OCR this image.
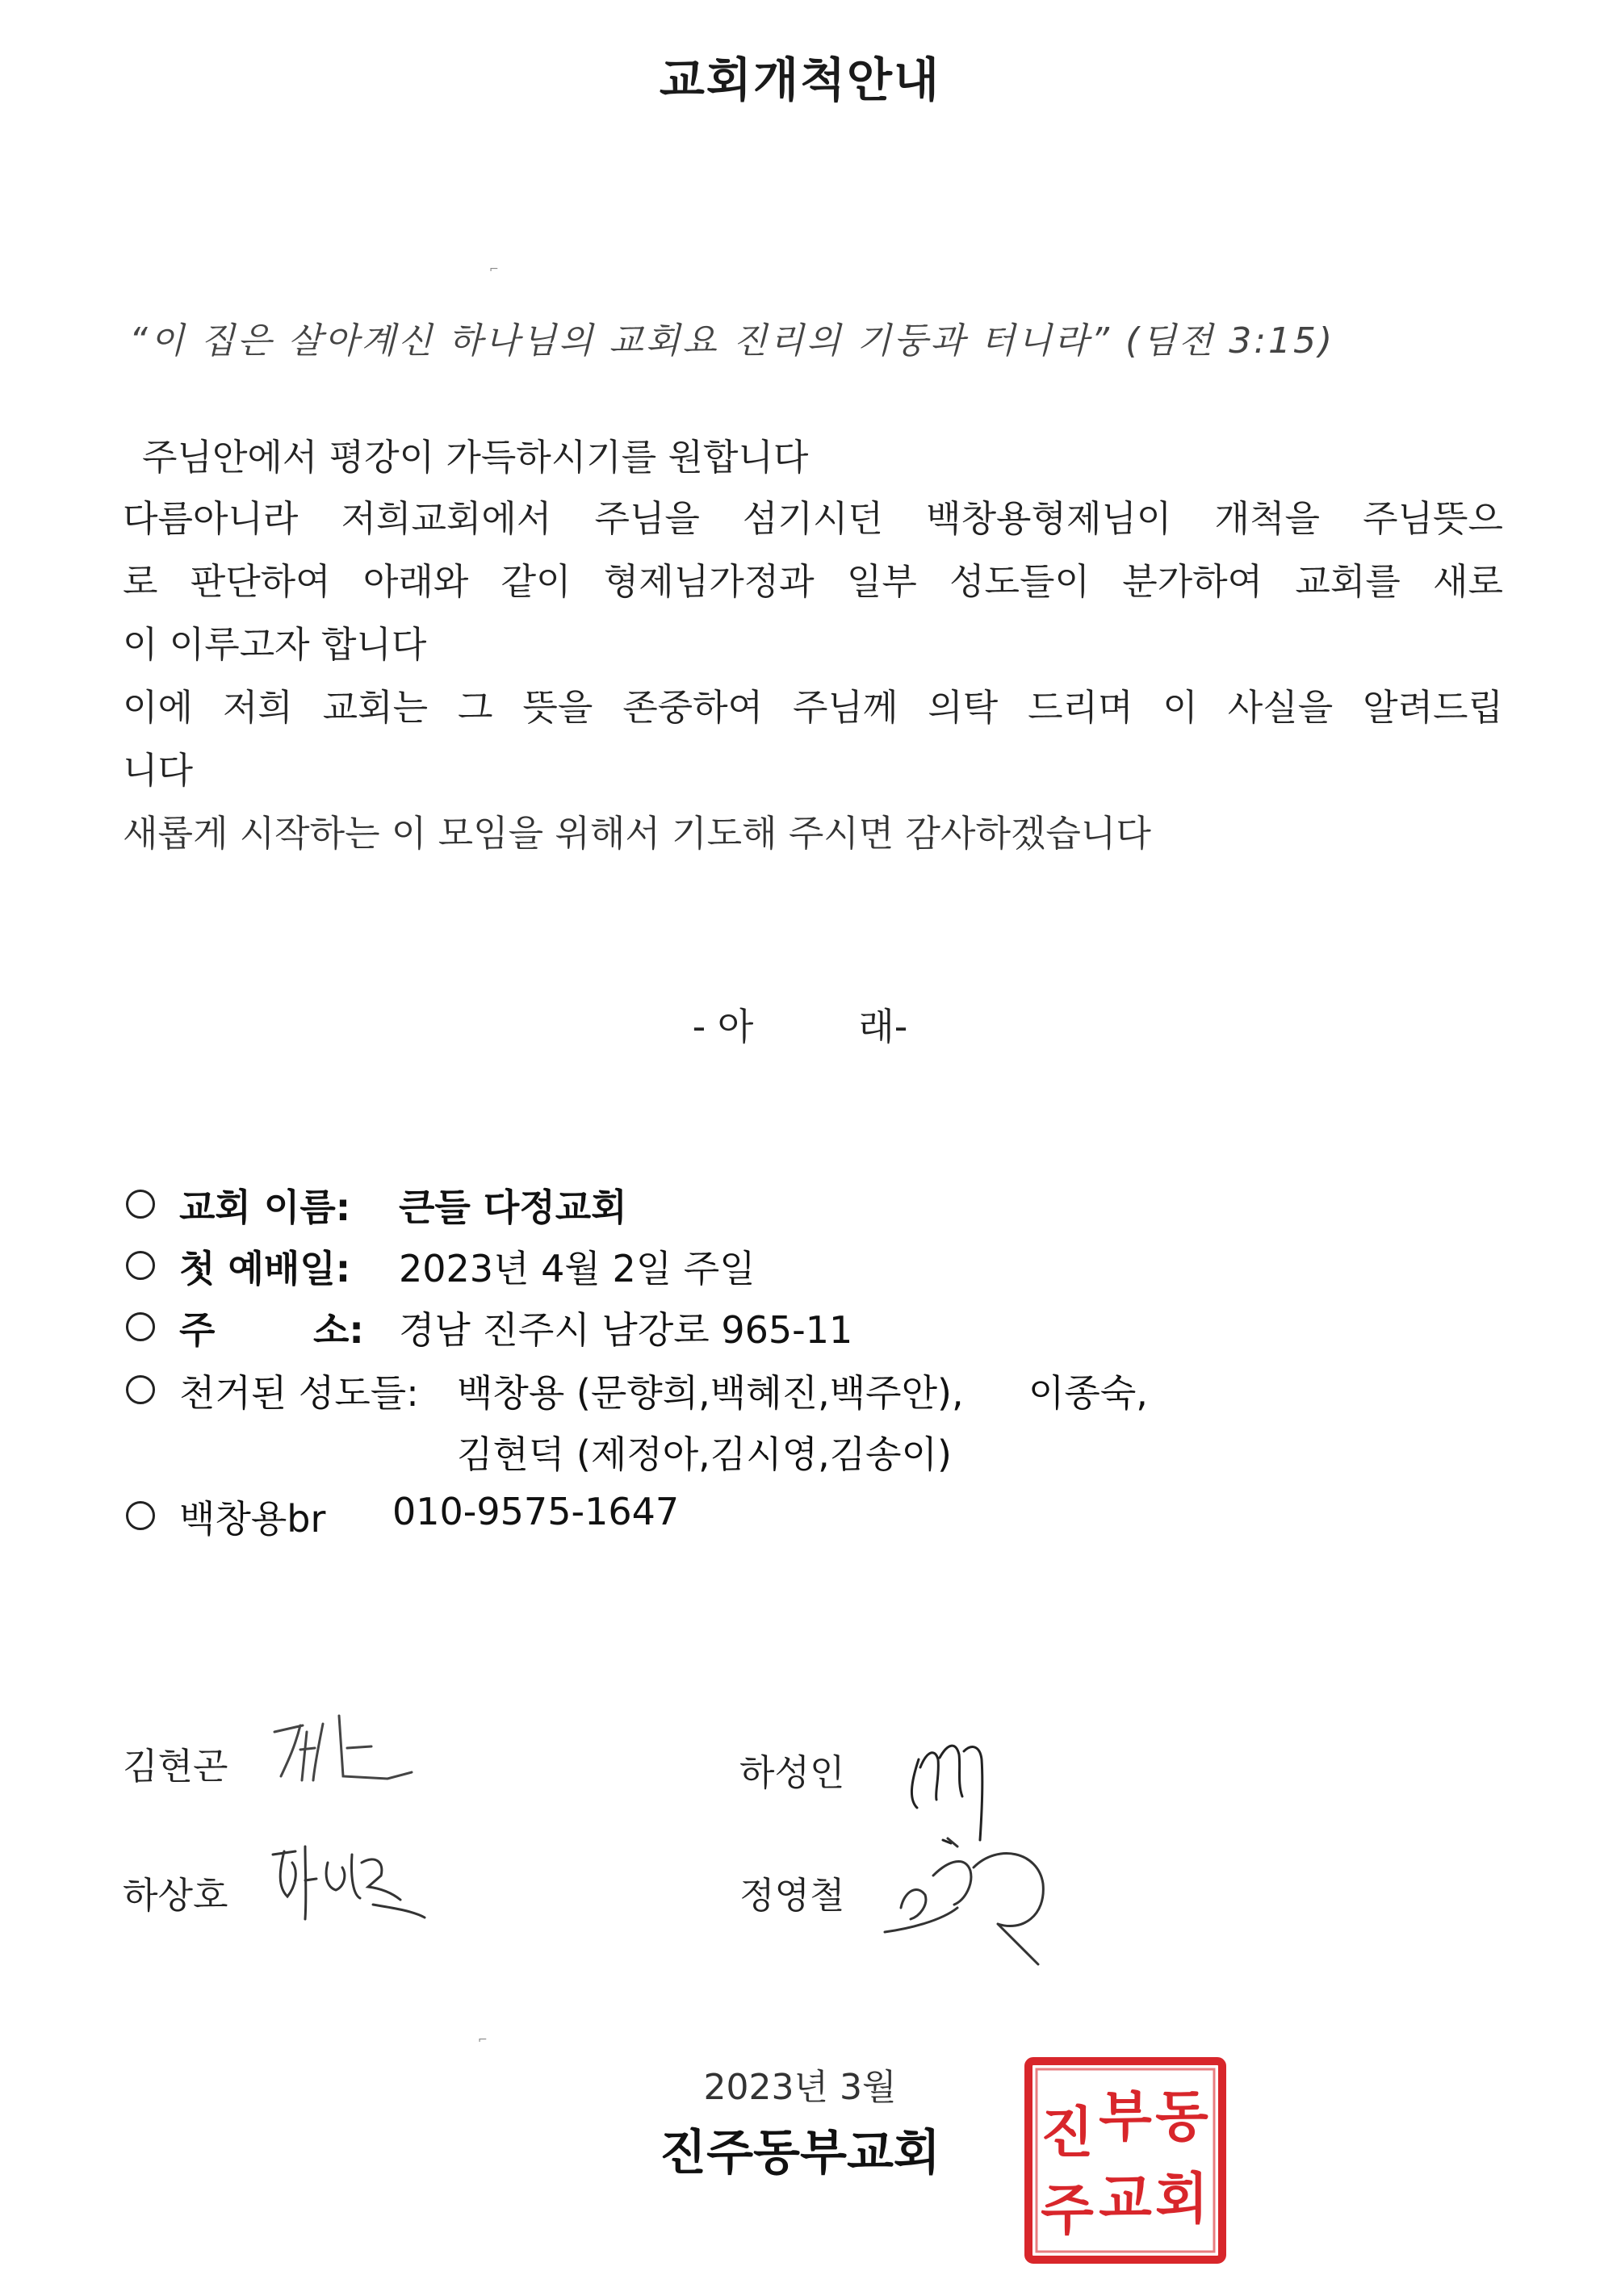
교회개척안내
⌐
⌐
“이 집은 살아계신 하나님의 교회요 진리의 기둥과 터니라” (딤전 3:15)
주님안에서 평강이 가득하시기를 원합니다
다름아니라 저희교회에서 주님을 섬기시던 백창용형제님이 개척을 주님뜻으
로 판단하여 아래와 같이 형제님가정과 일부 성도들이 분가하여 교회를 새로
이 이루고자 합니다
이에 저희 교회는 그 뜻을 존중하여 주님께 의탁 드리며 이 사실을 알려드립
니다
새롭게 시작하는 이 모임을 위해서 기도해 주시면 감사하겠습니다
- 아	래-
교회 이름: 큰들 다정교회
첫 예배일: 2023년 4월 2일 주일
주	소: 경남 진주시 남강로 965-11
천거된 성도들: 백창용 (문향희,백혜진,백주안), 이종숙,
김현덕 (제정아,김시영,김송이)
백창용br 010-9575-1647
김현곤	하성인
하상호	정영철
2023년 3월
진주동부교회
동
부
회
교
진
주
